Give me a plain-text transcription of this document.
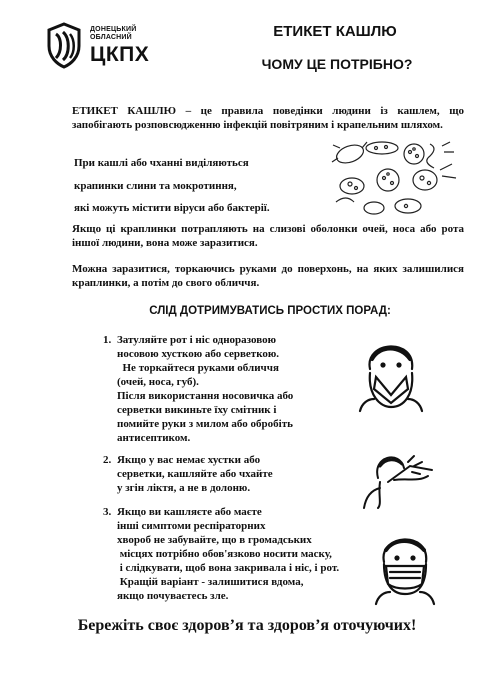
ДОНЕЦЬКИЙ
ОБЛАСНИЙ
ЦКПХ
ЕТИКЕТ КАШЛЮ
ЧОМУ ЦЕ ПОТРІБНО?
ЕТИКЕТ КАШЛЮ – це правила поведінки людини із кашлем, що запобігають розповсюдженню інфекцій повітряним і крапельним шляхом.
При кашлі або чханні виділяються
крапинки слини та мокротиння,
які можуть містити віруси або бактерії.
Якщо ці краплинки потрапляють на слизові оболонки очей, носа або рота іншої людини, вона може заразитися.
Можна заразитися, торкаючись руками до поверхонь, на яких залишилися краплинки, а потім до свого обличчя.
СЛІД ДОТРИМУВАТИСЬ ПРОСТИХ ПОРАД:
1. Затуляйте рот і ніс одноразовою
носовою хусткою або серветкою.
Не торкайтеся руками обличчя
(очей, носа, губ).
Після використання носовичка або
серветки викиньте їху смітник і
помийте руки з милом або обробіть
антисептиком.
2. Якщо у вас немає хустки або
серветки, кашляйте або чхайте
у згін ліктя, а не в долоню.
3. Якщо ви кашляєте або маєте
інші симптоми респіраторних
хвороб не забувайте, що в громадських
місцях потрібно обов'язково носити маску,
і слідкувати, щоб вона закривала і ніс, і рот.
Кращій варіант - залишитися вдома,
якщо почуваєтесь зле.
Бережіть своє здоров’я та здоров’я оточуючих!
